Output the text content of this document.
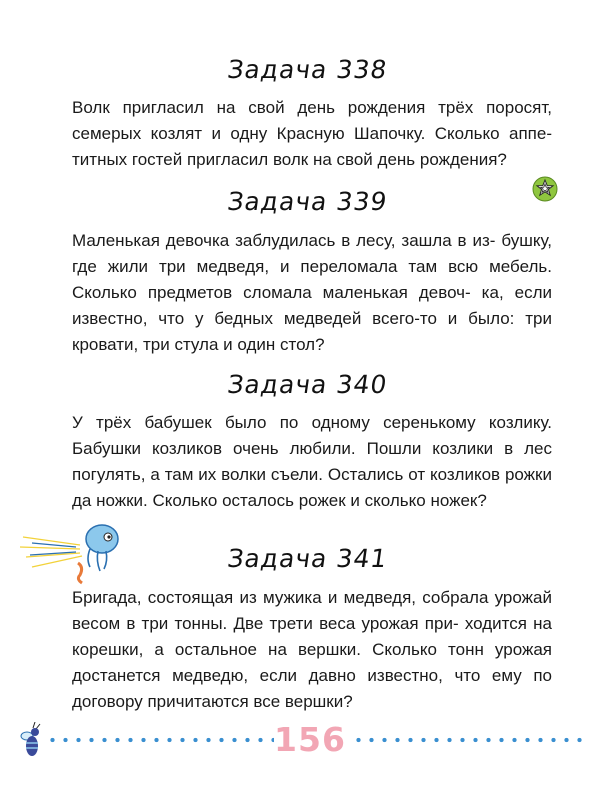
Задача 338

Волк пригласил на свой день рождения трёх поросят, семерых козлят и одну Красную Шапочку. Сколько аппе- титных гостей пригласил волк на свой день рождения?

Задача 339

Маленькая девочка заблудилась в лесу, зашла в из- бушку, где жили три медведя, и переломала там всю мебель. Сколько предметов сломала маленькая девоч- ка, если известно, что у бедных медведей всего-то и было: три кровати, три стула и один стол?

Задача 340

У трёх бабушек было по одному серенькому козлику. Бабушки козликов очень любили. Пошли козлики в лес погулять, а там их волки съели. Остались от козликов рожки да ножки. Сколько осталось рожек и сколько ножек?

Задача 341

Бригада, состоящая из мужика и медведя, собрала урожай весом в три тонны. Две трети веса урожая при- ходится на корешки, а остальное на вершки. Сколько тонн урожая достанется медведю, если давно известно, что ему по договору причитаются все вершки?

156
